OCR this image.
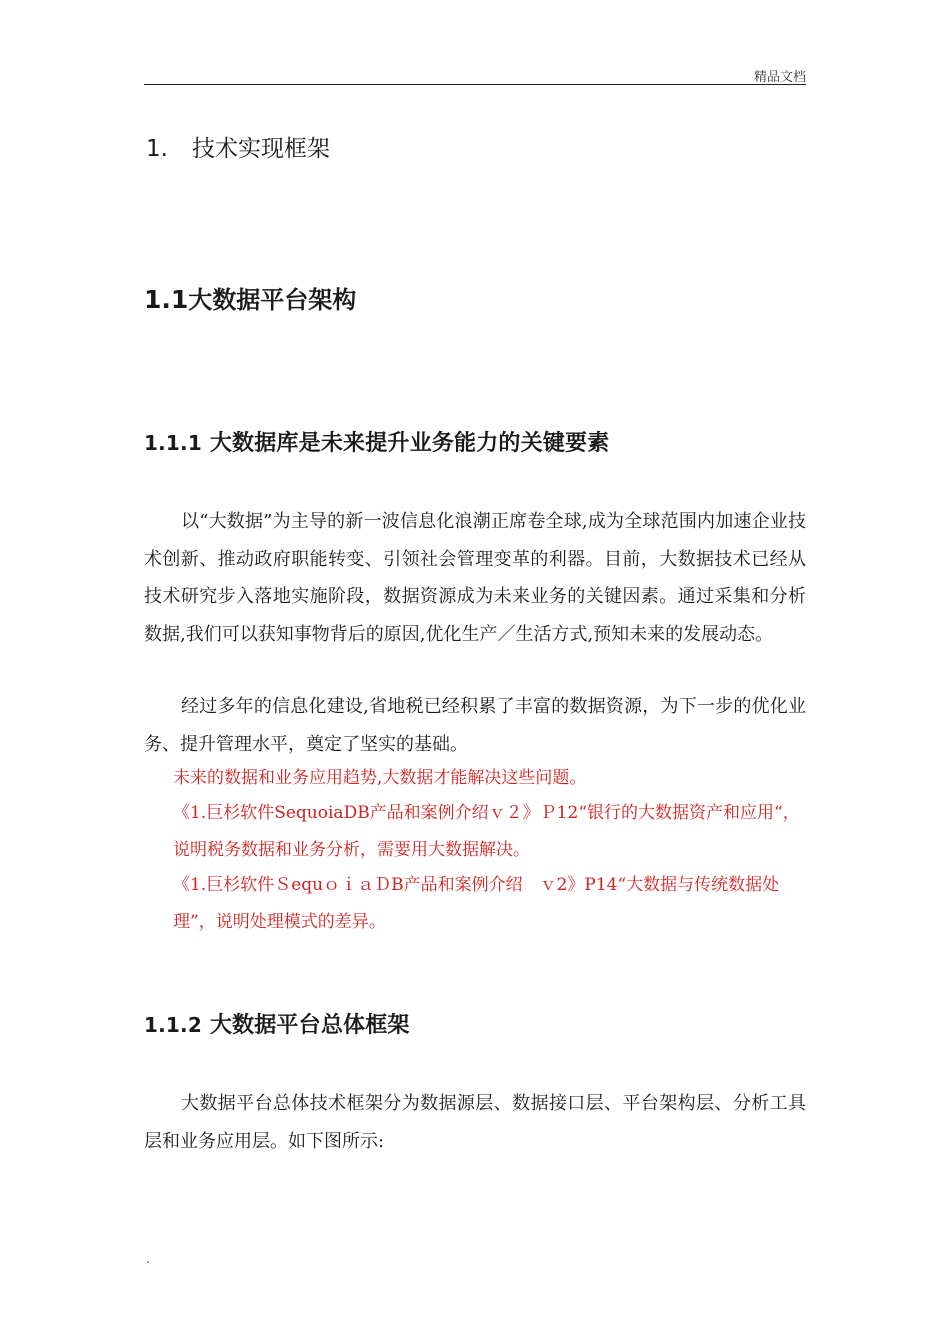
精品文档
1. 技术实现框架
1.1大数据平台架构
1.1.1 大数据库是未来提升业务能力的关键要素
以“大数据”为主导的新一波信息化浪潮正席卷全球,成为全球范围内加速企业技术创新、推动政府职能转变、引领社会管理变革的利器。目前，大数据技术已经从技术研究步入落地实施阶段，数据资源成为未来业务的关键因素。通过采集和分析数据,我们可以获知事物背后的原因,优化生产／生活方式,预知未来的发展动态。
经过多年的信息化建设,省地税已经积累了丰富的数据资源，为下一步的优化业务、提升管理水平，奠定了坚实的基础。
未来的数据和业务应用趋势,大数据才能解决这些问题。
《1.巨杉软件SequoiaDB产品和案例介绍ｖ２》Ｐ12“银行的大数据资产和应用“，说明税务数据和业务分析，需要用大数据解决。
《1.巨杉软件ＳequｏｉａＤB产品和案例介绍　ｖ2》P14“大数据与传统数据处理”，说明处理模式的差异。
1.1.2 大数据平台总体框架
大数据平台总体技术框架分为数据源层、数据接口层、平台架构层、分析工具层和业务应用层。如下图所示:
.
